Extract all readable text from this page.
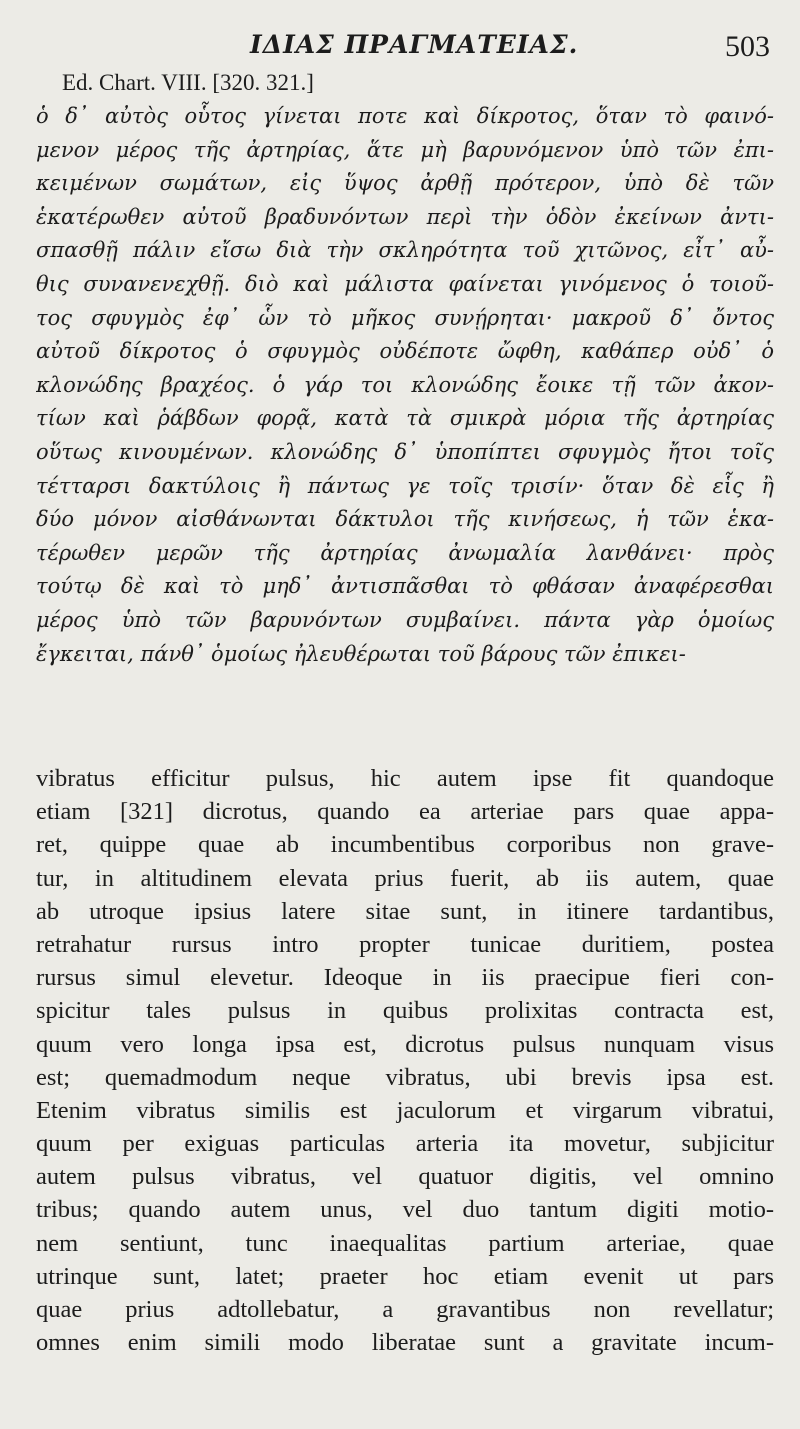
ΙΔΙΑΣ ΠΡΑΓΜΑΤΕΙΑΣ.	503
Ed. Chart. VIII. [320. 321.]
ὁ δ᾽ αὐτὸς οὗτος γίνεται ποτε καὶ δίκροτος, ὅταν τὸ φαινό-
μενον μέρος τῆς ἀρτηρίας, ἅτε μὴ βαρυνόμενον ὑπὸ τῶν ἐπι-
κειμένων σωμάτων, εἰς ὕψος ἀρθῇ πρότερον, ὑπὸ δὲ τῶν
ἑκατέρωθεν αὐτοῦ βραδυνόντων περὶ τὴν ὁδὸν ἐκείνων ἀντι-
σπασθῇ πάλιν εἴσω διὰ τὴν σκληρότητα τοῦ χιτῶνος, εἶτ᾽ αὖ-
θις συνανενεχθῇ. διὸ καὶ μάλιστα φαίνεται γινόμενος ὁ τοιοῦ-
τος σφυγμὸς ἐφ᾽ ὧν τὸ μῆκος συνῄρηται· μακροῦ δ᾽ ὄντος
αὐτοῦ δίκροτος ὁ σφυγμὸς οὐδέποτε ὤφθη, καθάπερ οὐδ᾽ ὁ
κλονώδης βραχέος. ὁ γάρ τοι κλονώδης ἔοικε τῇ τῶν ἀκον-
τίων καὶ ῥάβδων φορᾷ, κατὰ τὰ σμικρὰ μόρια τῆς ἀρτηρίας
οὕτως κινουμένων. κλονώδης δ᾽ ὑποπίπτει σφυγμὸς ἤτοι τοῖς
τέτταρσι δακτύλοις ἢ πάντως γε τοῖς τρισίν· ὅταν δὲ εἷς ἢ
δύο μόνον αἰσθάνωνται δάκτυλοι τῆς κινήσεως, ἡ τῶν ἑκα-
τέρωθεν μερῶν τῆς ἀρτηρίας ἀνωμαλία λανθάνει· πρὸς
τούτῳ δὲ καὶ τὸ μηδ᾽ ἀντισπᾶσθαι τὸ φθάσαν ἀναφέρεσθαι
μέρος ὑπὸ τῶν βαρυνόντων συμβαίνει. πάντα γὰρ ὁμοίως
ἔγκειται, πάνθ᾽ ὁμοίως ἠλευθέρωται τοῦ βάρους τῶν ἐπικει-
vibratus efficitur pulsus, hic autem ipse fit quandoque
etiam [321] dicrotus, quando ea arteriae pars quae appa-
ret, quippe quae ab incumbentibus corporibus non grave-
tur, in altitudinem elevata prius fuerit, ab iis autem, quae
ab utroque ipsius latere sitae sunt, in itinere tardantibus,
retrahatur rursus intro propter tunicae duritiem, postea
rursus simul elevetur. Ideoque in iis praecipue fieri con-
spicitur tales pulsus in quibus prolixitas contracta est,
quum vero longa ipsa est, dicrotus pulsus nunquam visus
est; quemadmodum neque vibratus, ubi brevis ipsa est.
Etenim vibratus similis est jaculorum et virgarum vibratui,
quum per exiguas particulas arteria ita movetur, subjicitur
autem pulsus vibratus, vel quatuor digitis, vel omnino
tribus; quando autem unus, vel duo tantum digiti motio-
nem sentiunt, tunc inaequalitas partium arteriae, quae
utrinque sunt, latet; praeter hoc etiam evenit ut pars
quae prius adtollebatur, a gravantibus non revellatur;
omnes enim simili modo liberatae sunt a gravitate incum-
